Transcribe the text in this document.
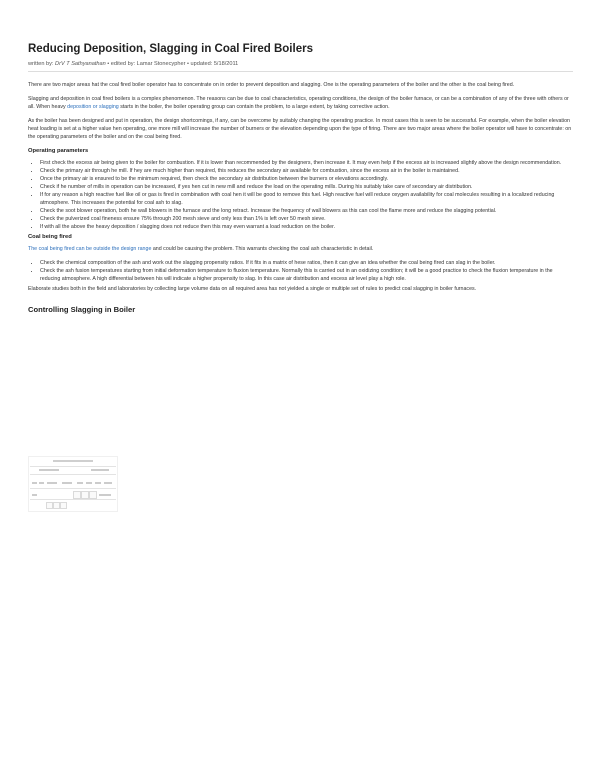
Reducing Deposition, Slagging in Coal Fired Boilers
written by: DrV T Sathyanathan • edited by: Lamar Stonecypher • updated: 5/18/2011

There are two major areas hat the coal fired boiler operator has to concentrate on in order to prevent deposition and slagging. One is the operating parameters of the boiler and the other is the coal being fired.

Slagging and deposition in coal fired boilers is a complex phenomenon. The reasons can be due to coal characteristics, operating conditions, the design of the boiler furnace, or can be a combination of any of the three with others or all. When heavy deposition or slagging starts in the boiler, the boiler operating group can contain the problem, to a large extent, by taking corrective action.

As the boiler has been designed and put in operation, the design shortcomings, if any, can be overcome by suitably changing the operating practice. In most cases this is seen to be successful. For example, when the boiler elevation heat loading is set at a higher value hen operating, one more mill will increase the number of burners or the elevation depending upon the type of firing. There are two major areas where the boiler operator will have to concentrate: on the operating parameters of the boiler and on the coal being fired.

Operating parameters
• First check the excess air being given to the boiler for combustion. If it is lower than recommended by the designers, then increase it. It may even help if the excess air is increased slightly above the design recommendation.
• Check the primary air through he mill. If hey are much higher than required, this reduces the secondary air available for combustion, since the excess air in the boiler is maintained.
• Once the primary air is ensured to be the minimum required, then check the secondary air distribution between the burners or elevations accordingly.
• Check if he number of mills in operation can be increased, if yes hen cut in new mill and reduce the load on the operating mills. During his suitably take care of secondary air distribution.
• If for any reason a high reactive fuel like oil or gas is fired in combination with coal hen it will be good to remove this fuel. High reactive fuel will reduce oxygen availability for coal molecules resulting in a localized reducing atmosphere. This increases the potential for coal ash to slag.
• Check the soot blower operation, both he wall blowers in the furnace and the long retract. Increase the frequency of wall blowers as this can cool the flame more and reduce the slagging potential.
• Check the pulverized coal fineness ensure 75% through 200 mesh sieve and only less than 1% is left over 50 mesh sieve.
• If with all the above the heavy deposition / slagging does not reduce then this may even warrant a load reduction on the boiler.
Coal being fired

The coal being fired can be outside the design range and could be causing the problem. This warrants checking the coal ash characteristic in detail.

• Check the chemical composition of the ash and work out the slagging propensity ratios. If it fits in a matrix of hese ratios, then it can give an idea whether the coal being fired can slag in the boiler.
• Check the ash fusion temperatures starting from initial deformation temperature to fluxion temperature. Normally this is carried out in an oxidizing condition; it will be a good practice to check the fluxion temperature in the reducing atmosphere. A high differential between his will indicate a higher propensity to slag. In this case air distribution and excess air level play a high role.

Elaborate studies both in the field and laboratories by collecting large volume data on all required area has not yielded a single or multiple set of rules to predict coal slagging in boiler furnaces.

Controlling Slagging in Boiler
